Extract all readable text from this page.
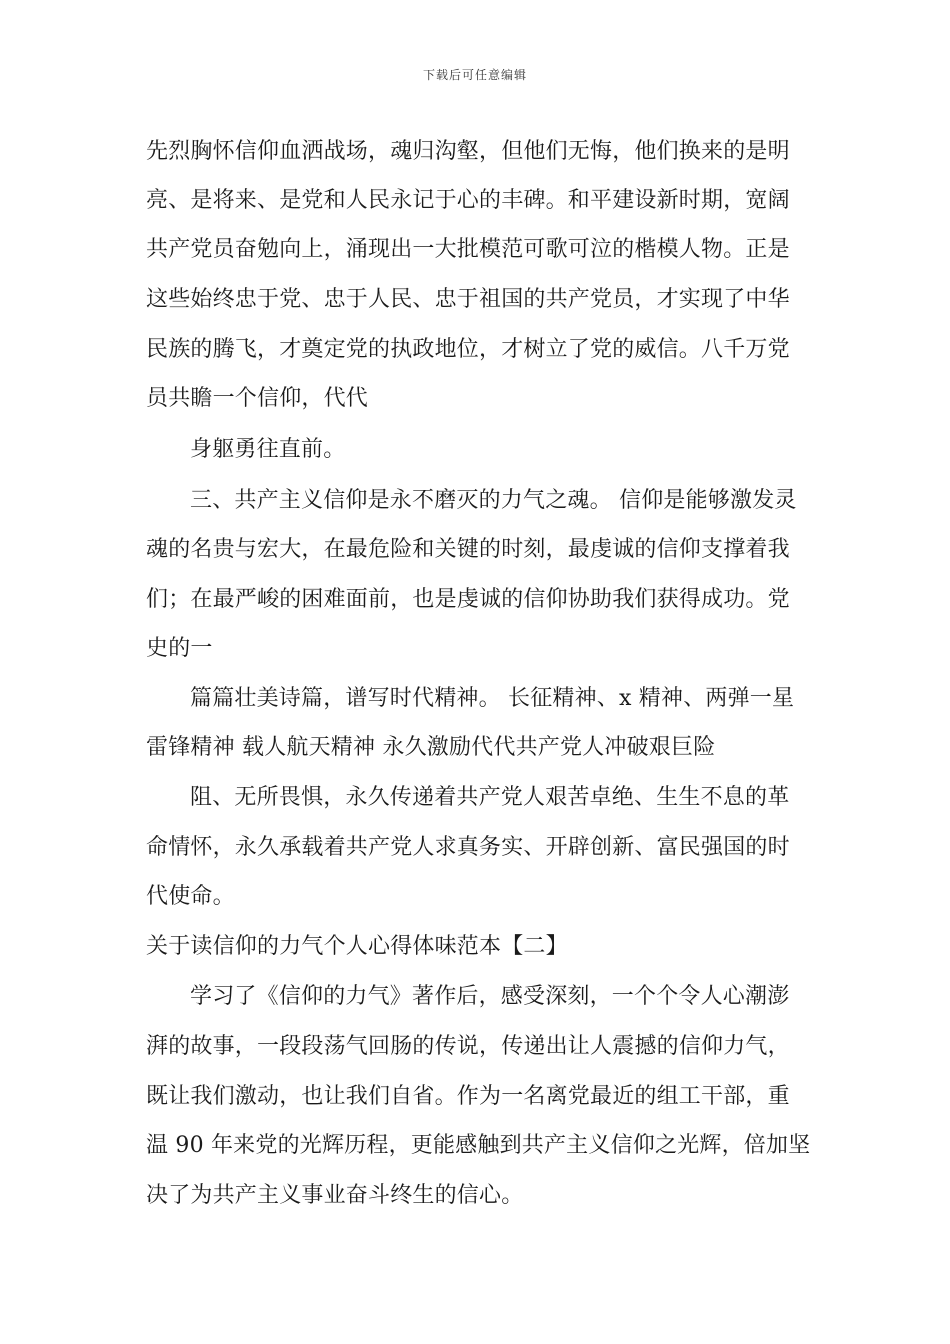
下载后可任意编辑
先烈胸怀信仰血洒战场，魂归沟壑，但他们无悔，他们换来的是明
亮、是将来、是党和人民永记于心的丰碑。和平建设新时期，宽阔
共产党员奋勉向上，涌现出一大批模范可歌可泣的楷模人物。正是
这些始终忠于党、忠于人民、忠于祖国的共产党员，才实现了中华
民族的腾飞，才奠定党的执政地位，才树立了党的威信。八千万党
员共瞻一个信仰，代代
身躯勇往直前。
三、共产主义信仰是永不磨灭的力气之魂。 信仰是能够激发灵
魂的名贵与宏大，在最危险和关键的时刻，最虔诚的信仰支撑着我
们；在最严峻的困难面前，也是虔诚的信仰协助我们获得成功。党
史的一
篇篇壮美诗篇，谱写时代精神。 长征精神、x 精神、两弹一星
雷锋精神 载人航天精神 永久激励代代共产党人冲破艰巨险
阻、无所畏惧，永久传递着共产党人艰苦卓绝、生生不息的革
命情怀，永久承载着共产党人求真务实、开辟创新、富民强国的时
代使命。
关于读信仰的力气个人心得体味范本【二】
学习了《信仰的力气》著作后，感受深刻，一个个令人心潮澎
湃的故事，一段段荡气回肠的传说，传递出让人震撼的信仰力气，
既让我们激动，也让我们自省。作为一名离党最近的组工干部，重
温 90 年来党的光辉历程，更能感触到共产主义信仰之光辉，倍加坚
决了为共产主义事业奋斗终生的信心。
